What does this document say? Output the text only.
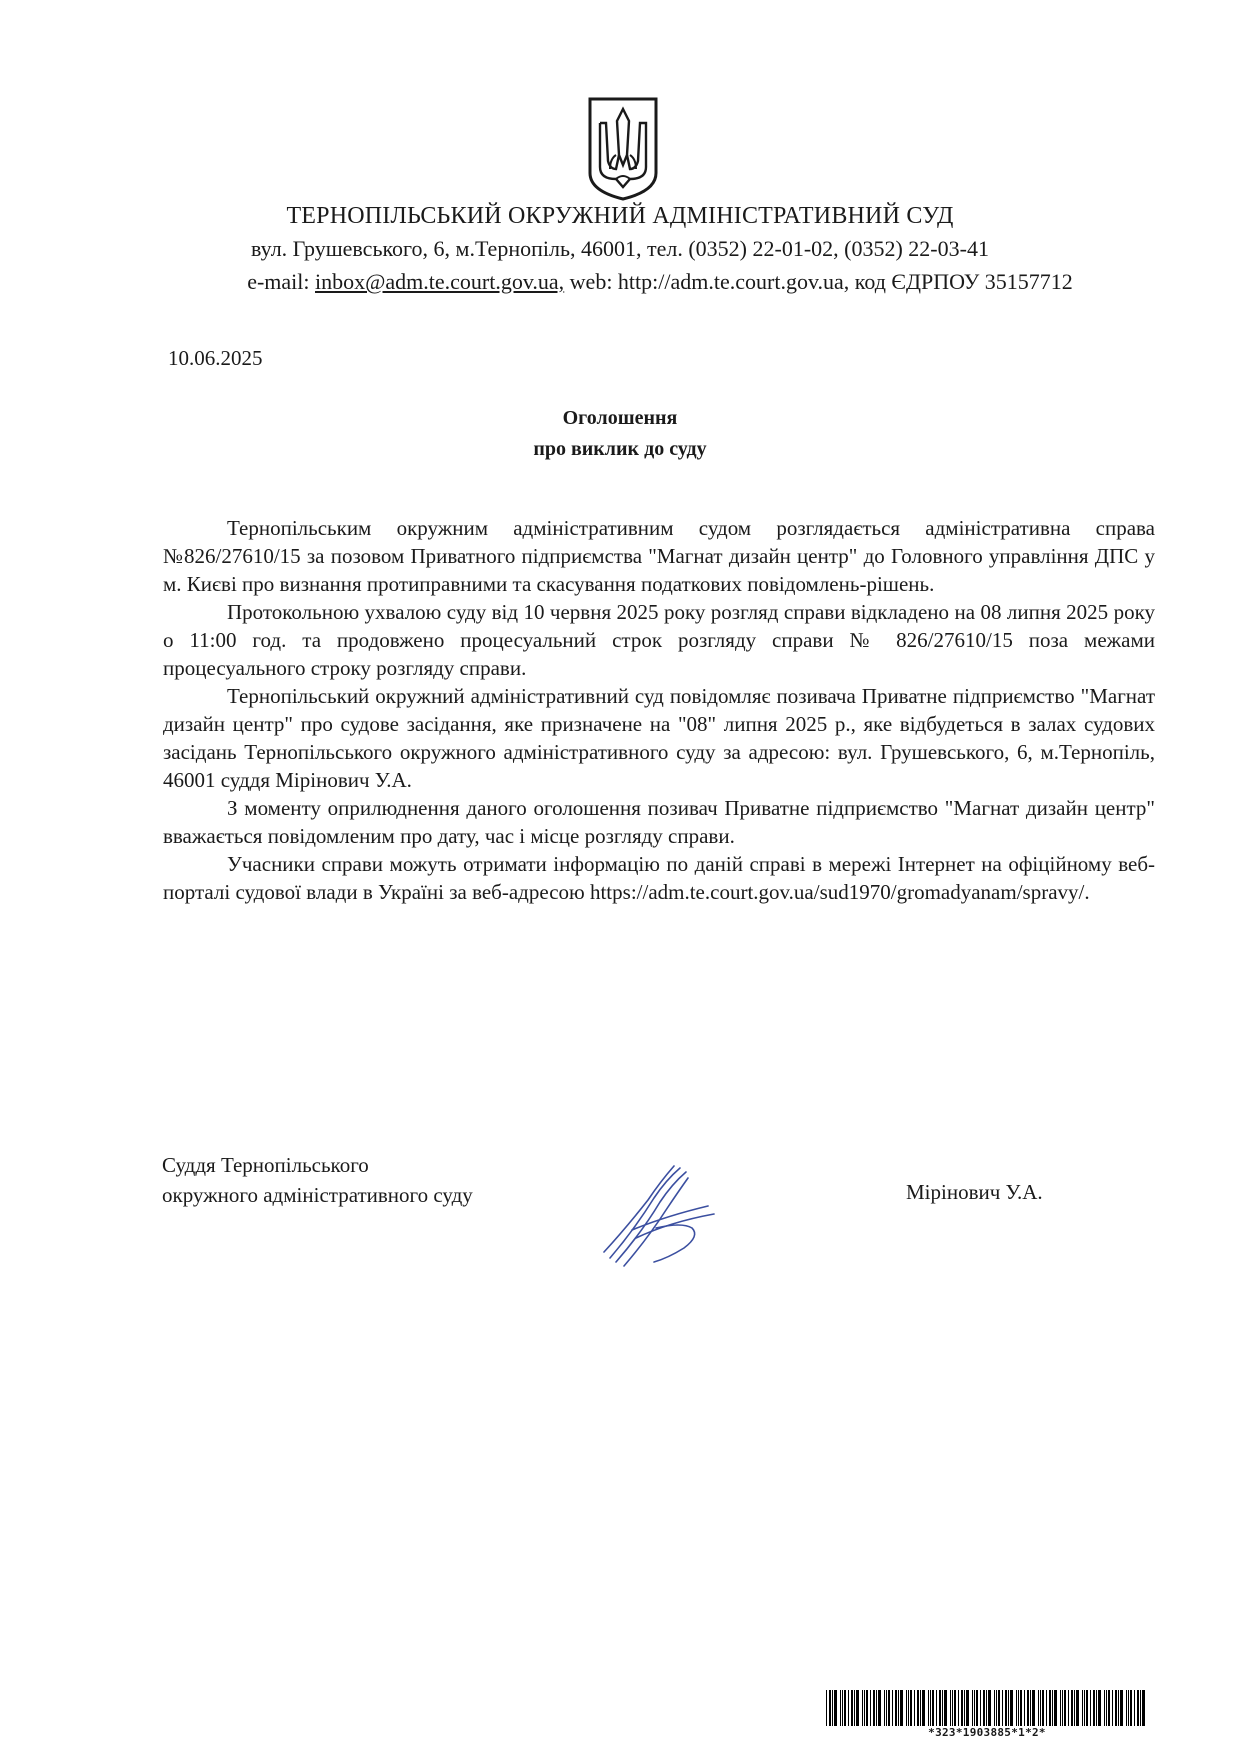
ТЕРНОПІЛЬСЬКИЙ ОКРУЖНИЙ АДМІНІСТРАТИВНИЙ СУД
вул. Грушевського, 6, м.Тернопіль, 46001, тел. (0352) 22-01-02, (0352) 22-03-41
e-mail: inbox@adm.te.court.gov.ua, web: http://adm.te.court.gov.ua, код ЄДРПОУ 35157712
10.06.2025
Оголошення
про виклик до суду

Тернопільським окружним адміністративним судом розглядається адміністративна справа №826/27610/15 за позовом Приватного підприємства "Магнат дизайн центр" до Головного управління ДПС у м. Києві про визнання протиправними та скасування податкових повідомлень-рішень.

Протокольною ухвалою суду від 10 червня 2025 року розгляд справи відкладено на 08 липня 2025 року о 11:00 год. та продовжено процесуальний строк розгляду справи № 826/27610/15 поза межами процесуального строку розгляду справи.

Тернопільський окружний адміністративний суд повідомляє позивача Приватне підприємство "Магнат дизайн центр" про судове засідання, яке призначене на "08" липня 2025 р., яке відбудеться в залах судових засідань Тернопільського окружного адміністративного суду за адресою: вул. Грушевського, 6, м.Тернопіль, 46001 суддя Мірінович У.А.

З моменту оприлюднення даного оголошення позивач Приватне підприємство "Магнат дизайн центр" вважається повідомленим про дату, час і місце розгляду справи.

Учасники справи можуть отримати інформацію по даній справі в мережі Інтернет на офіційному веб-порталі судової влади в Україні за веб-адресою https://adm.te.court.gov.ua/sud1970/gromadyanam/spravy/.

Суддя Тернопільського
окружного адміністративного суду	Мірінович У.А.
*323*1903885*1*2*
